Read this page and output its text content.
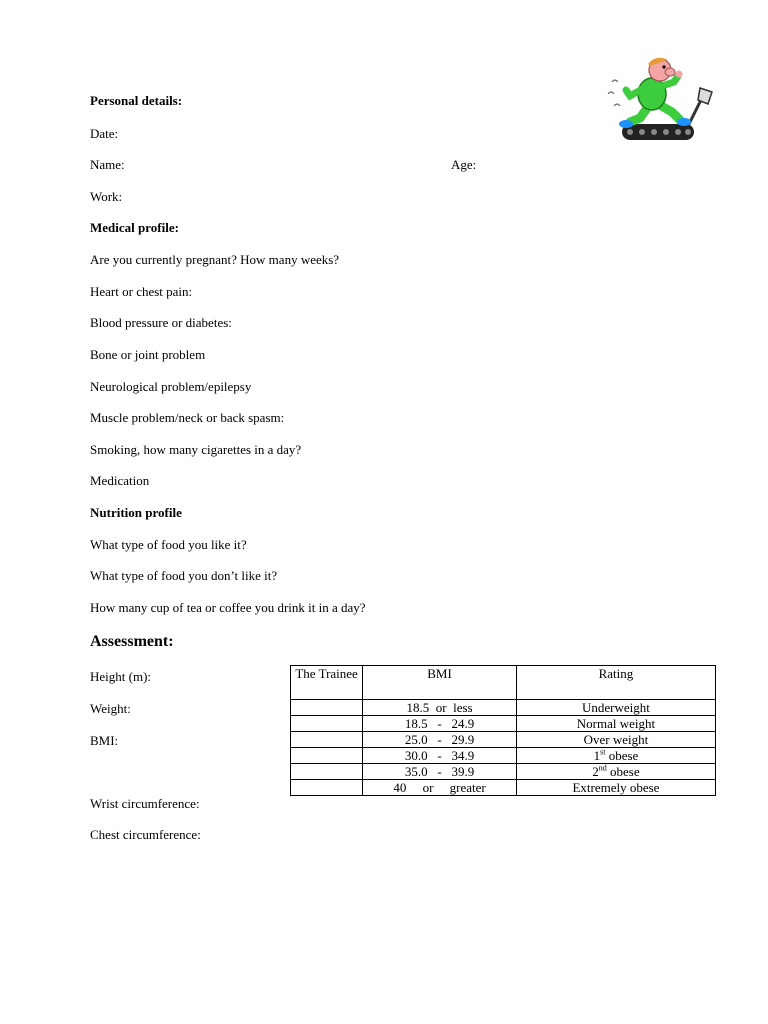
Personal details:
Date:
Name:	Age:
Work:
Medical profile:
Are you currently pregnant? How many weeks?
Heart or chest pain:
Blood pressure or diabetes:
Bone or joint problem
Neurological problem/epilepsy
Muscle problem/neck or back spasm:
Smoking, how many cigarettes in a day?
Medication
Nutrition profile
What type of food you like it?
What type of food you don’t like it?
How many cup of tea or coffee you drink it in a day?
Assessment:
Height (m):
Weight:
BMI:
Wrist circumference:
Chest circumference:
The Trainee	BMI	Rating
	18.5 or less	Underweight
	18.5 - 24.9	Normal weight
	25.0 - 29.9	Over weight
	30.0 - 34.9	1st obese
	35.0 - 39.9	2nd obese
	40 or greater	Extremely obese
